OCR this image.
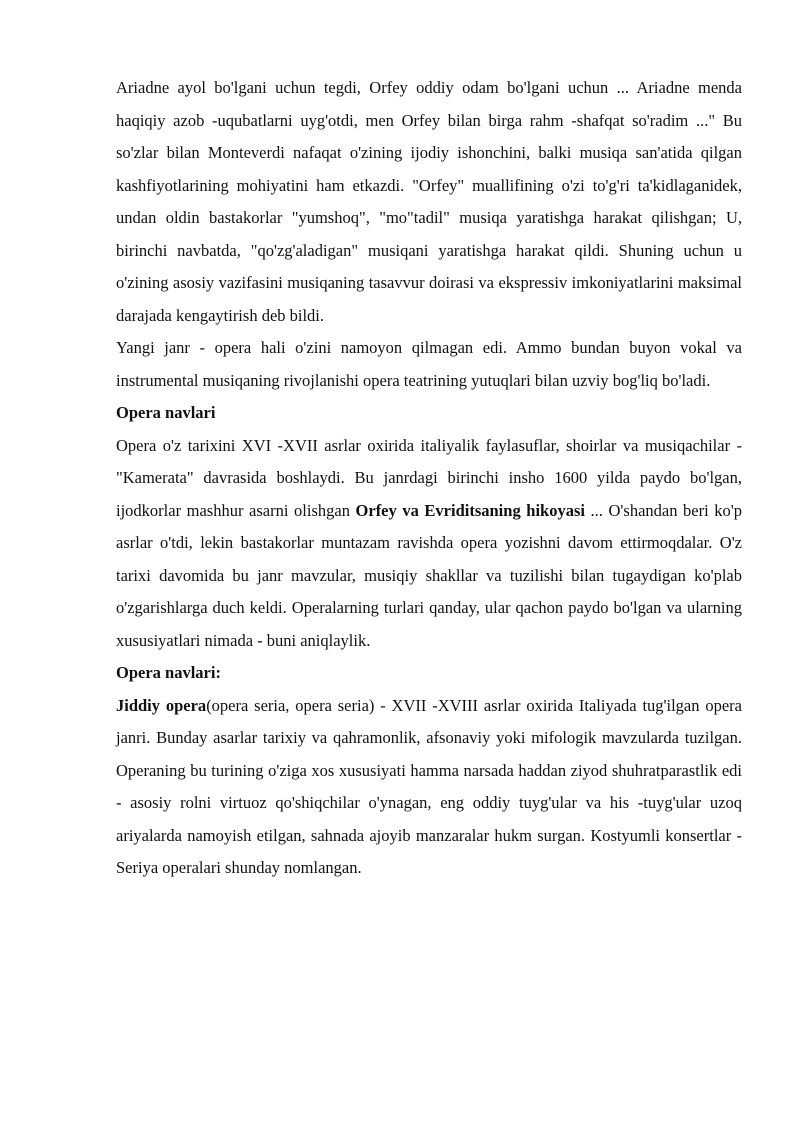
Ariadne ayol bo'lgani uchun tegdi, Orfey oddiy odam bo'lgani uchun ... Ariadne menda haqiqiy azob -uqubatlarni uyg'otdi, men Orfey bilan birga rahm -shafqat so'radim ..." Bu so'zlar bilan Monteverdi nafaqat o'zining ijodiy ishonchini, balki musiqa san'atida qilgan kashfiyotlarining mohiyatini ham etkazdi. "Orfey" muallifining o'zi to'g'ri ta'kidlaganidek, undan oldin bastakorlar "yumshoq", "mo"tadil" musiqa yaratishga harakat qilishgan; U, birinchi navbatda, "qo'zg'aladigan" musiqani yaratishga harakat qildi. Shuning uchun u o'zining asosiy vazifasini musiqaning tasavvur doirasi va ekspressiv imkoniyatlarini maksimal darajada kengaytirish deb bildi.

Yangi janr - opera hali o'zini namoyon qilmagan edi. Ammo bundan buyon vokal va instrumental musiqaning rivojlanishi opera teatrining yutuqlari bilan uzviy bog'liq bo'ladi.

Opera navlari

Opera o'z tarixini XVI -XVII asrlar oxirida italiyalik faylasuflar, shoirlar va musiqachilar - "Kamerata" davrasida boshlaydi. Bu janrdagi birinchi insho 1600 yilda paydo bo'lgan, ijodkorlar mashhur asarni olishgan Orfey va Evriditsaning hikoyasi ... O'shandan beri ko'p asrlar o'tdi, lekin bastakorlar muntazam ravishda opera yozishni davom ettirmoqdalar. O'z tarixi davomida bu janr mavzular, musiqiy shakllar va tuzilishi bilan tugaydigan ko'plab o'zgarishlarga duch keldi. Operalarning turlari qanday, ular qachon paydo bo'lgan va ularning xususiyatlari nimada - buni aniqlaylik.

Opera navlari:

Jiddiy opera(opera seria, opera seria) - XVII -XVIII asrlar oxirida Italiyada tug'ilgan opera janri. Bunday asarlar tarixiy va qahramonlik, afsonaviy yoki mifologik mavzularda tuzilgan. Operaning bu turining o'ziga xos xususiyati hamma narsada haddan ziyod shuhratparastlik edi - asosiy rolni virtuoz qo'shiqchilar o'ynagan, eng oddiy tuyg'ular va his -tuyg'ular uzoq ariyalarda namoyish etilgan, sahnada ajoyib manzaralar hukm surgan. Kostyumli konsertlar - Seriya operalari shunday nomlangan.
